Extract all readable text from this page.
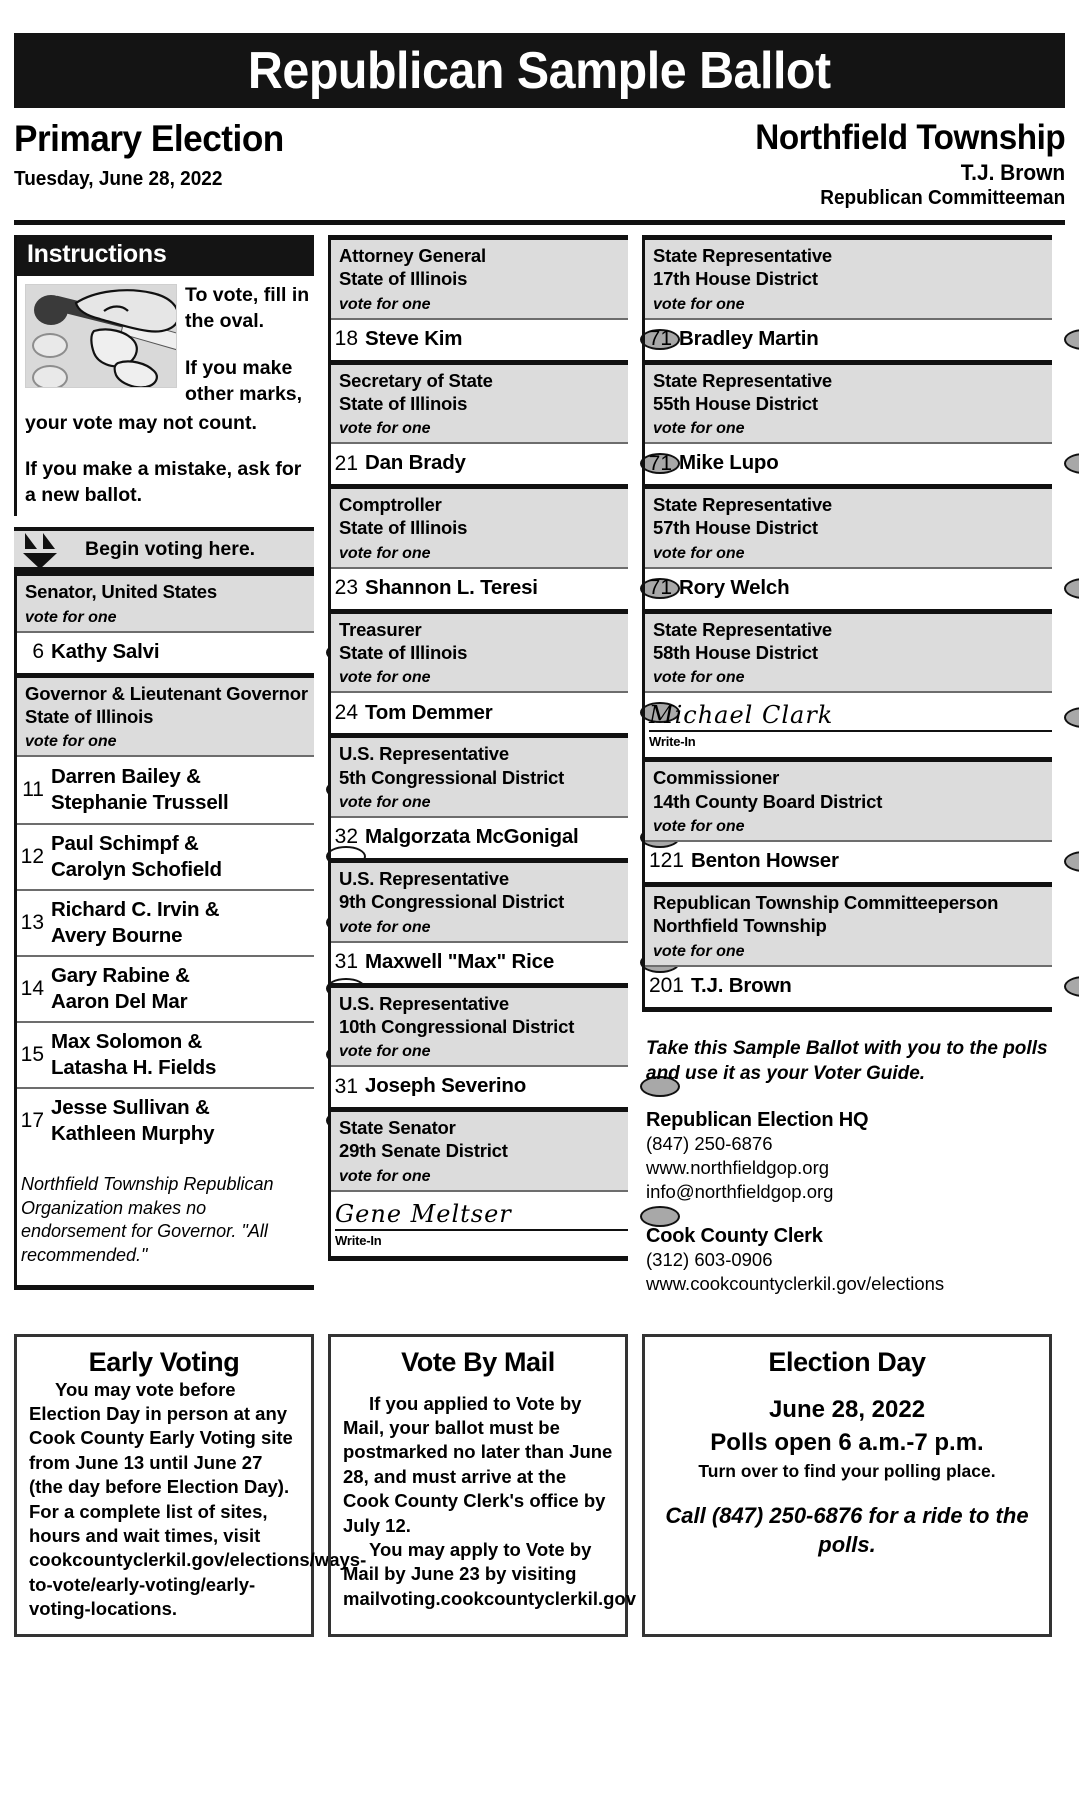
Republican Sample Ballot
Primary Election
Tuesday, June 28, 2022
Northfield Township
T.J. Brown
Republican Committeeman
Instructions
To vote, fill in the oval.
If you make other marks,
your vote may not count.
If you make a mistake, ask for a new ballot.
Begin voting here.
Senator, United States
vote for one
6 Kathy Salvi
Governor & Lieutenant Governor
State of Illinois
vote for one
11
Darren Bailey &
Stephanie Trussell
12
Paul Schimpf &
Carolyn Schofield
13
Richard C. Irvin &
Avery Bourne
14
Gary Rabine &
Aaron Del Mar
15
Max Solomon &
Latasha H. Fields
17
Jesse Sullivan &
Kathleen Murphy
Northfield Township Republican Organization makes no endorsement for Governor. "All recommended."
Attorney General
State of Illinois
vote for one
18 Steve Kim
Secretary of State
State of Illinois
vote for one
21 Dan Brady
Comptroller
State of Illinois
vote for one
23 Shannon L. Teresi
Treasurer
State of Illinois
vote for one
24 Tom Demmer
U.S. Representative
5th Congressional District
vote for one
32 Malgorzata McGonigal
U.S. Representative
9th Congressional District
vote for one
31 Maxwell "Max" Rice
U.S. Representative
10th Congressional District
vote for one
31 Joseph Severino
State Senator
29th Senate District
vote for one
Gene Meltser
Write-In
State Representative
17th House District
vote for one
71 Bradley Martin
State Representative
55th House District
vote for one
71 Mike Lupo
State Representative
57th House District
vote for one
71 Rory Welch
State Representative
58th House District
vote for one
Michael Clark
Write-In
Commissioner
14th County Board District
vote for one
121 Benton Howser
Republican Township Committeeperson
Northfield Township
vote for one
201 T.J. Brown
Take this Sample Ballot with you to the polls and use it as your Voter Guide.
Republican Election HQ
(847) 250-6876
www.northfieldgop.org
info@northfieldgop.org
Cook County Clerk
(312) 603-0906
www.cookcountyclerkil.gov/elections
Early Voting
You may vote before Election Day in person at any Cook County Early Voting site from June 13 until June 27 (the day before Election Day). For a complete list of sites, hours and wait times, visit cookcountyclerkil.gov/elections/ways-to-vote/early-voting/early-voting-locations.
Vote By Mail
If you applied to Vote by Mail, your ballot must be postmarked no later than June 28, and must arrive at the Cook County Clerk's office by July 12.
You may apply to Vote by Mail by June 23 by visiting mailvoting.cookcountyclerkil.gov
Election Day
June 28, 2022
Polls open 6 a.m.-7 p.m.
Turn over to find your polling place.
Call (847) 250-6876 for a ride to the polls.
